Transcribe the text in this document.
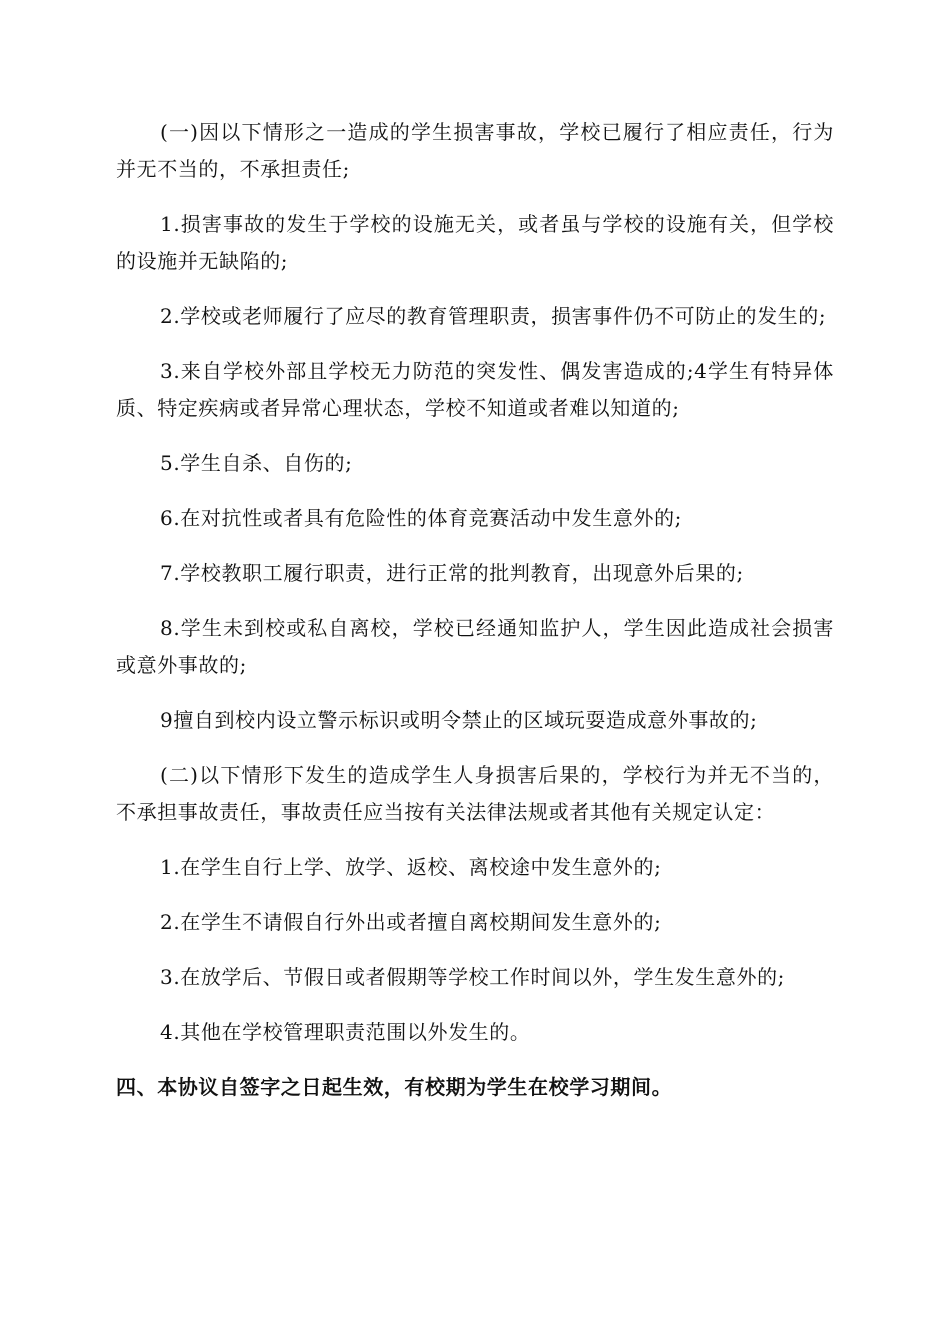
(一)因以下情形之一造成的学生损害事故，学校已履行了相应责任，行为并无不当的，不承担责任;

1.损害事故的发生于学校的设施无关，或者虽与学校的设施有关，但学校的设施并无缺陷的;

2.学校或老师履行了应尽的教育管理职责，损害事件仍不可防止的发生的;

3.来自学校外部且学校无力防范的突发性、偶发害造成的;4学生有特异体质、特定疾病或者异常心理状态，学校不知道或者难以知道的;

5.学生自杀、自伤的;

6.在对抗性或者具有危险性的体育竞赛活动中发生意外的;

7.学校教职工履行职责，进行正常的批判教育，出现意外后果的;

8.学生未到校或私自离校，学校已经通知监护人，学生因此造成社会损害或意外事故的;

9擅自到校内设立警示标识或明令禁止的区域玩耍造成意外事故的;

(二)以下情形下发生的造成学生人身损害后果的，学校行为并无不当的，不承担事故责任，事故责任应当按有关法律法规或者其他有关规定认定：

1.在学生自行上学、放学、返校、离校途中发生意外的;

2.在学生不请假自行外出或者擅自离校期间发生意外的;

3.在放学后、节假日或者假期等学校工作时间以外，学生发生意外的;

4.其他在学校管理职责范围以外发生的。

四、本协议自签字之日起生效，有校期为学生在校学习期间。
